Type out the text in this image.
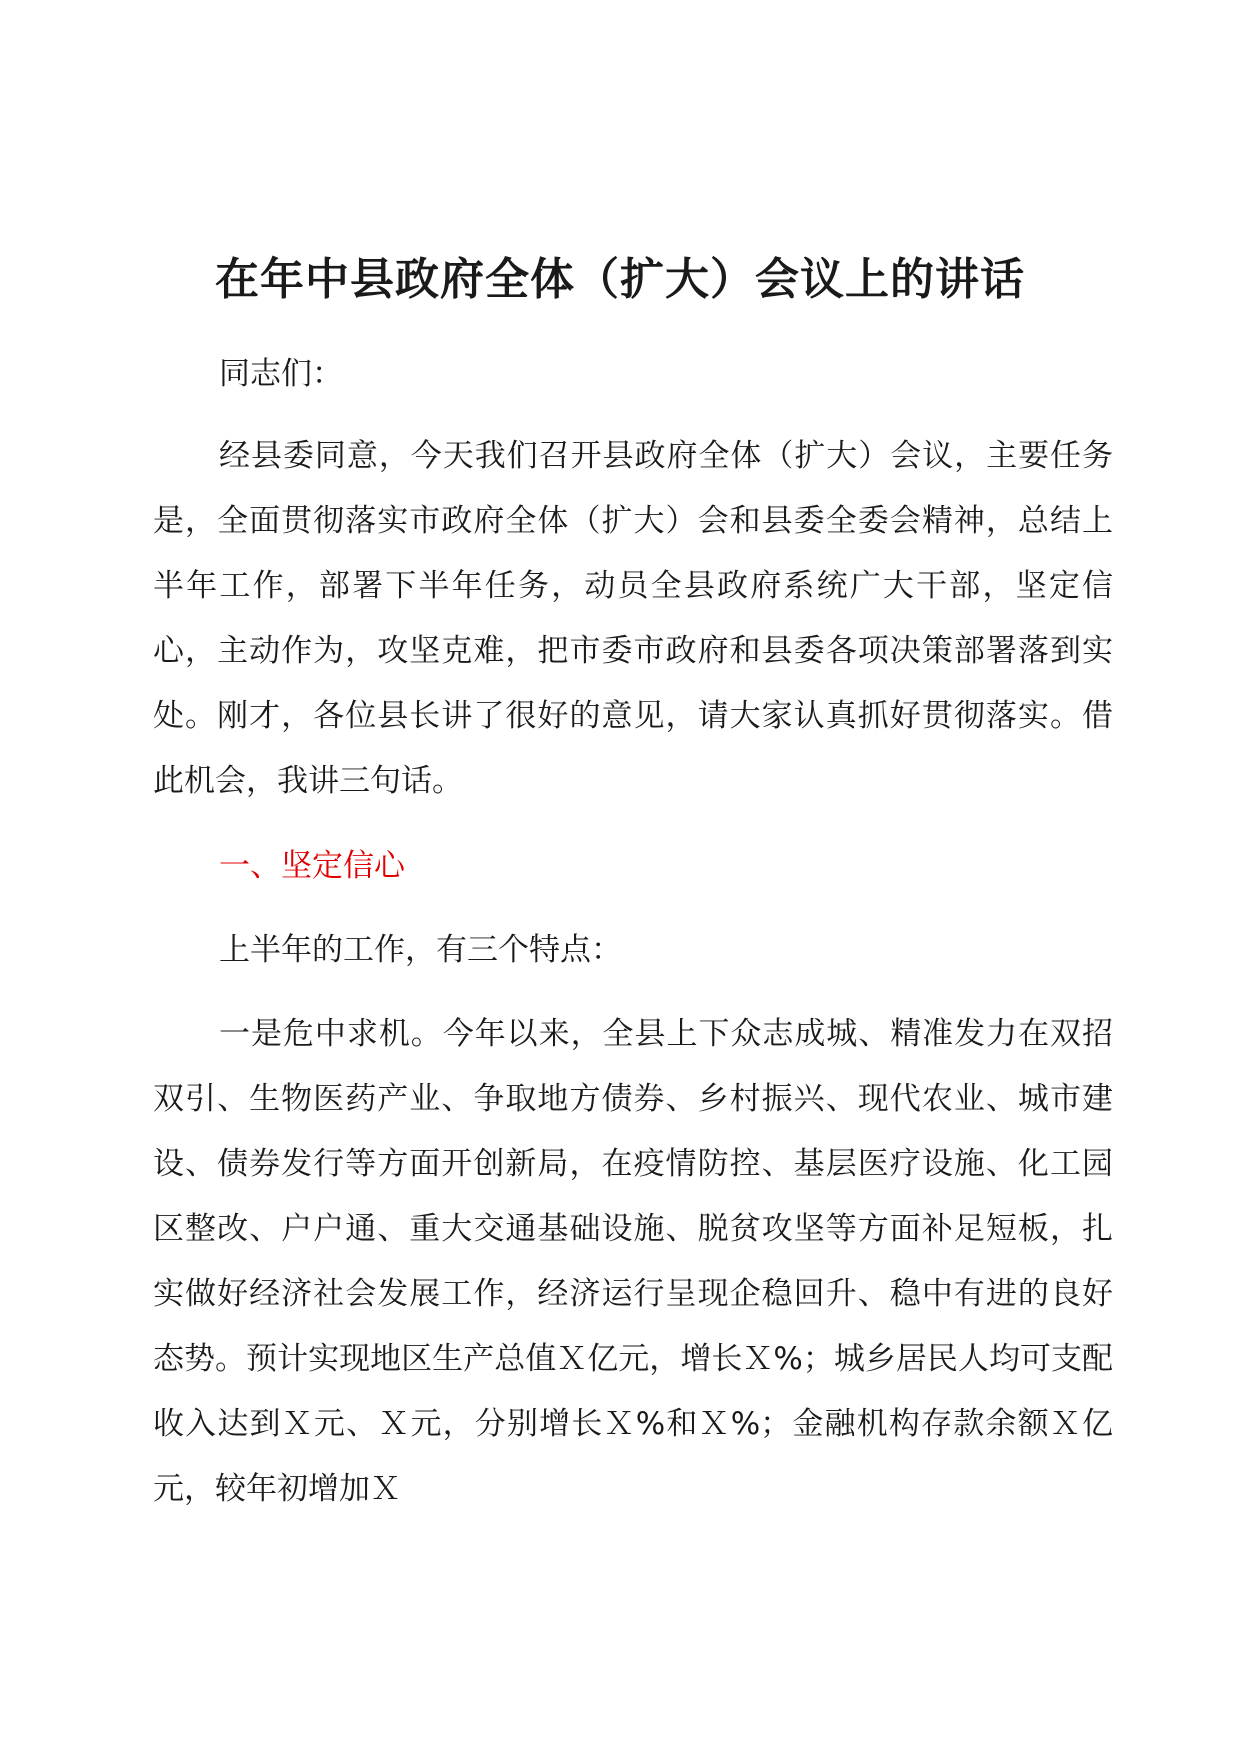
在年中县政府全体（扩大）会议上的讲话

同志们：

经县委同意，今天我们召开县政府全体（扩大）会议，主要任务是，全面贯彻落实市政府全体（扩大）会和县委全委会精神，总结上半年工作，部署下半年任务，动员全县政府系统广大干部，坚定信心，主动作为，攻坚克难，把市委市政府和县委各项决策部署落到实处。刚才，各位县长讲了很好的意见，请大家认真抓好贯彻落实。借此机会，我讲三句话。

一、坚定信心

上半年的工作，有三个特点：

一是危中求机。今年以来，全县上下众志成城、精准发力在双招双引、生物医药产业、争取地方债券、乡村振兴、现代农业、城市建设、债券发行等方面开创新局，在疫情防控、基层医疗设施、化工园区整改、户户通、重大交通基础设施、脱贫攻坚等方面补足短板，扎实做好经济社会发展工作，经济运行呈现企稳回升、稳中有进的良好态势。预计实现地区生产总值Ｘ亿元，增长Ｘ%；城乡居民人均可支配收入达到Ｘ元、Ｘ元，分别增长Ｘ%和Ｘ%；金融机构存款余额Ｘ亿元，较年初增加Ｘ
